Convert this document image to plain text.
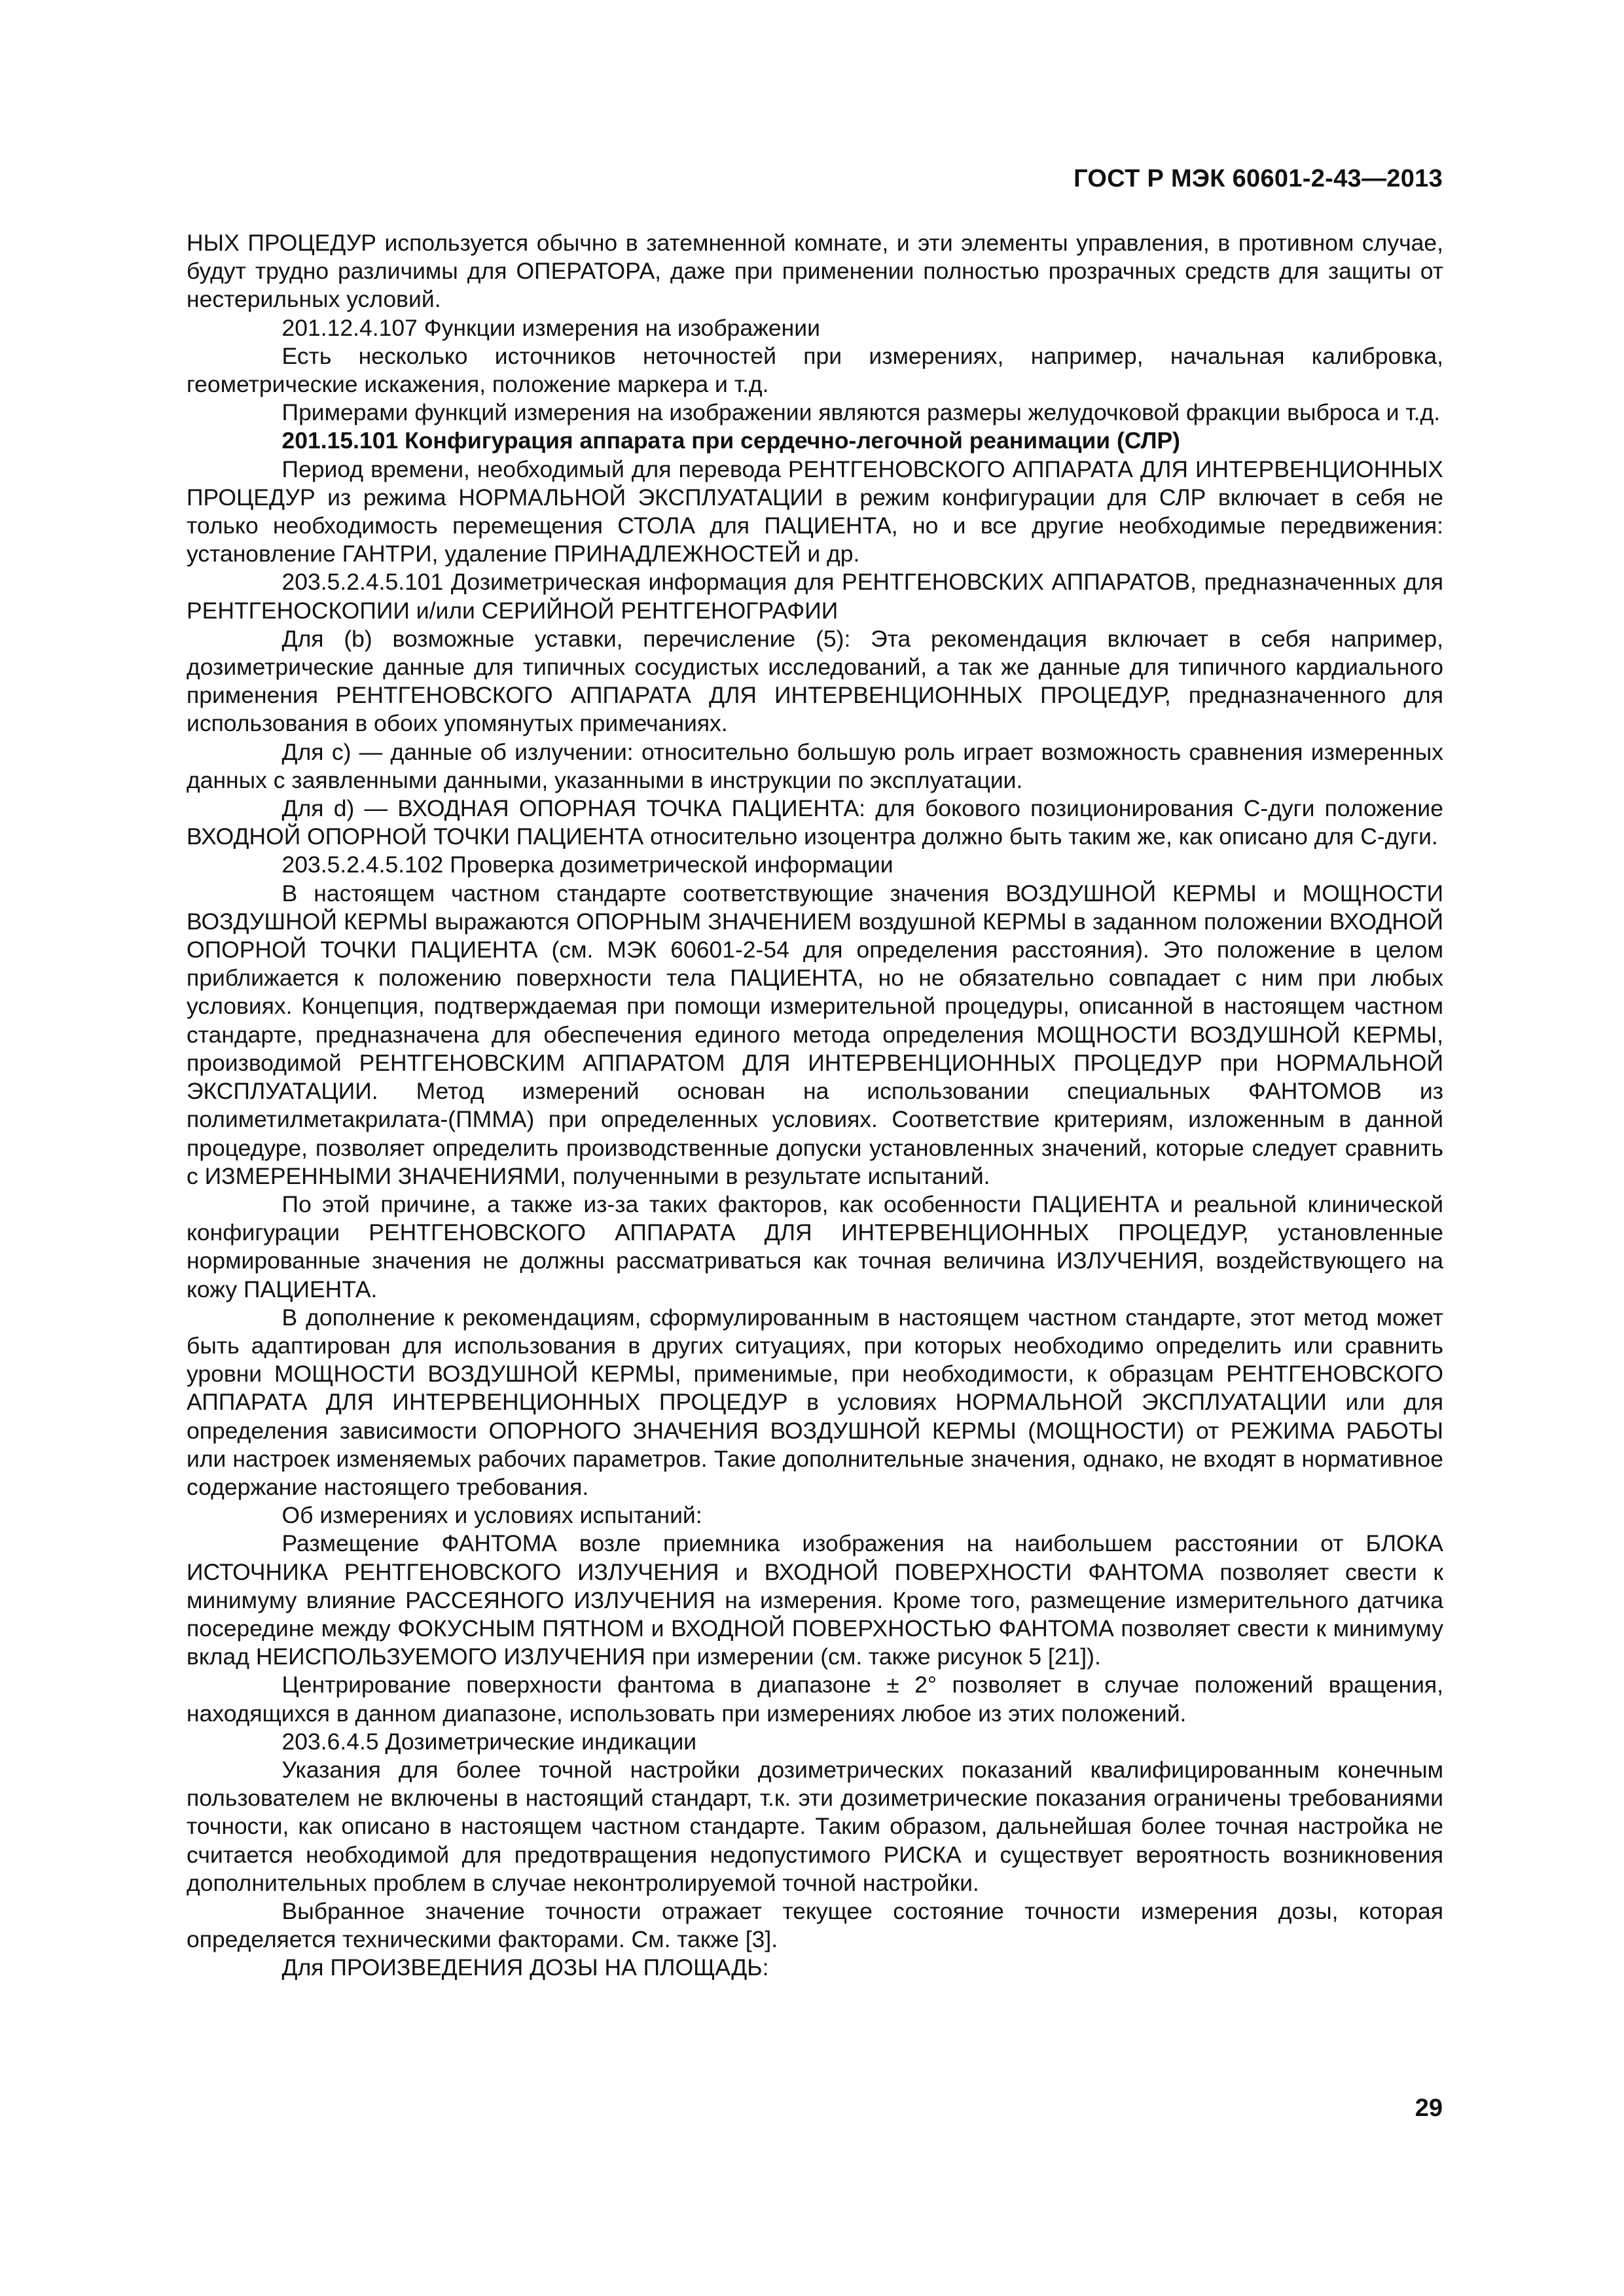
ГОСТ Р МЭК 60601-2-43—2013

НЫХ ПРОЦЕДУР используется обычно в затемненной комнате, и эти элементы управления, в противном случае, будут трудно различимы для ОПЕРАТОРА, даже при применении полностью прозрачных средств для защиты от нестерильных условий.

201.12.4.107 Функции измерения на изображении

Есть несколько источников неточностей при измерениях, например, начальная калибровка, геометрические искажения, положение маркера и т.д.

Примерами функций измерения на изображении являются размеры желудочковой фракции выброса и т.д.

201.15.101 Конфигурация аппарата при сердечно-легочной реанимации (СЛР)

Период времени, необходимый для перевода РЕНТГЕНОВСКОГО АППАРАТА ДЛЯ ИНТЕРВЕНЦИОННЫХ ПРОЦЕДУР из режима НОРМАЛЬНОЙ ЭКСПЛУАТАЦИИ в режим конфигурации для СЛР включает в себя не только необходимость перемещения СТОЛА для ПАЦИЕНТА, но и все другие необходимые передвижения: установление ГАНТРИ, удаление ПРИНАДЛЕЖНОСТЕЙ и др.

203.5.2.4.5.101 Дозиметрическая информация для РЕНТГЕНОВСКИХ АППАРАТОВ, предназначенных для РЕНТГЕНОСКОПИИ и/или СЕРИЙНОЙ РЕНТГЕНОГРАФИИ

Для (b) возможные уставки, перечисление (5): Эта рекомендация включает в себя например, дозиметрические данные для типичных сосудистых исследований, а так же данные для типичного кардиального применения РЕНТГЕНОВСКОГО АППАРАТА ДЛЯ ИНТЕРВЕНЦИОННЫХ ПРОЦЕДУР, предназначенного для использования в обоих упомянутых примечаниях.

Для с) — данные об излучении: относительно большую роль играет возможность сравнения измеренных данных с заявленными данными, указанными в инструкции по эксплуатации.

Для d) — ВХОДНАЯ ОПОРНАЯ ТОЧКА ПАЦИЕНТА: для бокового позиционирования С-дуги положение ВХОДНОЙ ОПОРНОЙ ТОЧКИ ПАЦИЕНТА относительно изоцентра должно быть таким же, как описано для С-дуги.

203.5.2.4.5.102 Проверка дозиметрической информации

В настоящем частном стандарте соответствующие значения ВОЗДУШНОЙ КЕРМЫ и МОЩНОСТИ ВОЗДУШНОЙ КЕРМЫ выражаются ОПОРНЫМ ЗНАЧЕНИЕМ воздушной КЕРМЫ в заданном положении ВХОДНОЙ ОПОРНОЙ ТОЧКИ ПАЦИЕНТА (см. МЭК 60601-2-54 для определения расстояния). Это положение в целом приближается к положению поверхности тела ПАЦИЕНТА, но не обязательно совпадает с ним при любых условиях. Концепция, подтверждаемая при помощи измерительной процедуры, описанной в настоящем частном стандарте, предназначена для обеспечения единого метода определения МОЩНОСТИ ВОЗДУШНОЙ КЕРМЫ, производимой РЕНТГЕНОВСКИМ АППАРАТОМ ДЛЯ ИНТЕРВЕНЦИОННЫХ ПРОЦЕДУР при НОРМАЛЬНОЙ ЭКСПЛУАТАЦИИ. Метод измерений основан на использовании специальных ФАНТОМОВ из полиметилметакрилата-(ПММА) при определенных условиях. Соответствие критериям, изложенным в данной процедуре, позволяет определить производственные допуски установленных значений, которые следует сравнить с ИЗМЕРЕННЫМИ ЗНАЧЕНИЯМИ, полученными в результате испытаний.

По этой причине, а также из-за таких факторов, как особенности ПАЦИЕНТА и реальной клинической конфигурации РЕНТГЕНОВСКОГО АППАРАТА ДЛЯ ИНТЕРВЕНЦИОННЫХ ПРОЦЕДУР, установленные нормированные значения не должны рассматриваться как точная величина ИЗЛУЧЕНИЯ, воздействующего на кожу ПАЦИЕНТА.

В дополнение к рекомендациям, сформулированным в настоящем частном стандарте, этот метод может быть адаптирован для использования в других ситуациях, при которых необходимо определить или сравнить уровни МОЩНОСТИ ВОЗДУШНОЙ КЕРМЫ, применимые, при необходимости, к образцам РЕНТГЕНОВСКОГО АППАРАТА ДЛЯ ИНТЕРВЕНЦИОННЫХ ПРОЦЕДУР в условиях НОРМАЛЬНОЙ ЭКСПЛУАТАЦИИ или для определения зависимости ОПОРНОГО ЗНАЧЕНИЯ ВОЗДУШНОЙ КЕРМЫ (МОЩНОСТИ) от РЕЖИМА РАБОТЫ или настроек изменяемых рабочих параметров. Такие дополнительные значения, однако, не входят в нормативное содержание настоящего требования.

Об измерениях и условиях испытаний:

Размещение ФАНТОМА возле приемника изображения на наибольшем расстоянии от БЛОКА ИСТОЧНИКА РЕНТГЕНОВСКОГО ИЗЛУЧЕНИЯ и ВХОДНОЙ ПОВЕРХНОСТИ ФАНТОМА позволяет свести к минимуму влияние РАССЕЯНОГО ИЗЛУЧЕНИЯ на измерения. Кроме того, размещение измерительного датчика посередине между ФОКУСНЫМ ПЯТНОМ и ВХОДНОЙ ПОВЕРХНОСТЬЮ ФАНТОМА позволяет свести к минимуму вклад НЕИСПОЛЬЗУЕМОГО ИЗЛУЧЕНИЯ при измерении (см. также рисунок 5 [21]).

Центрирование поверхности фантома в диапазоне ± 2° позволяет в случае положений вращения, находящихся в данном диапазоне, использовать при измерениях любое из этих положений.

203.6.4.5 Дозиметрические индикации

Указания для более точной настройки дозиметрических показаний квалифицированным конечным пользователем не включены в настоящий стандарт, т.к. эти дозиметрические показания ограничены требованиями точности, как описано в настоящем частном стандарте. Таким образом, дальнейшая более точная настройка не считается необходимой для предотвращения недопустимого РИСКА и существует вероятность возникновения дополнительных проблем в случае неконтролируемой точной настройки.

Выбранное значение точности отражает текущее состояние точности измерения дозы, которая определяется техническими факторами. См. также [3].

Для ПРОИЗВЕДЕНИЯ ДОЗЫ НА ПЛОЩАДЬ:

29
